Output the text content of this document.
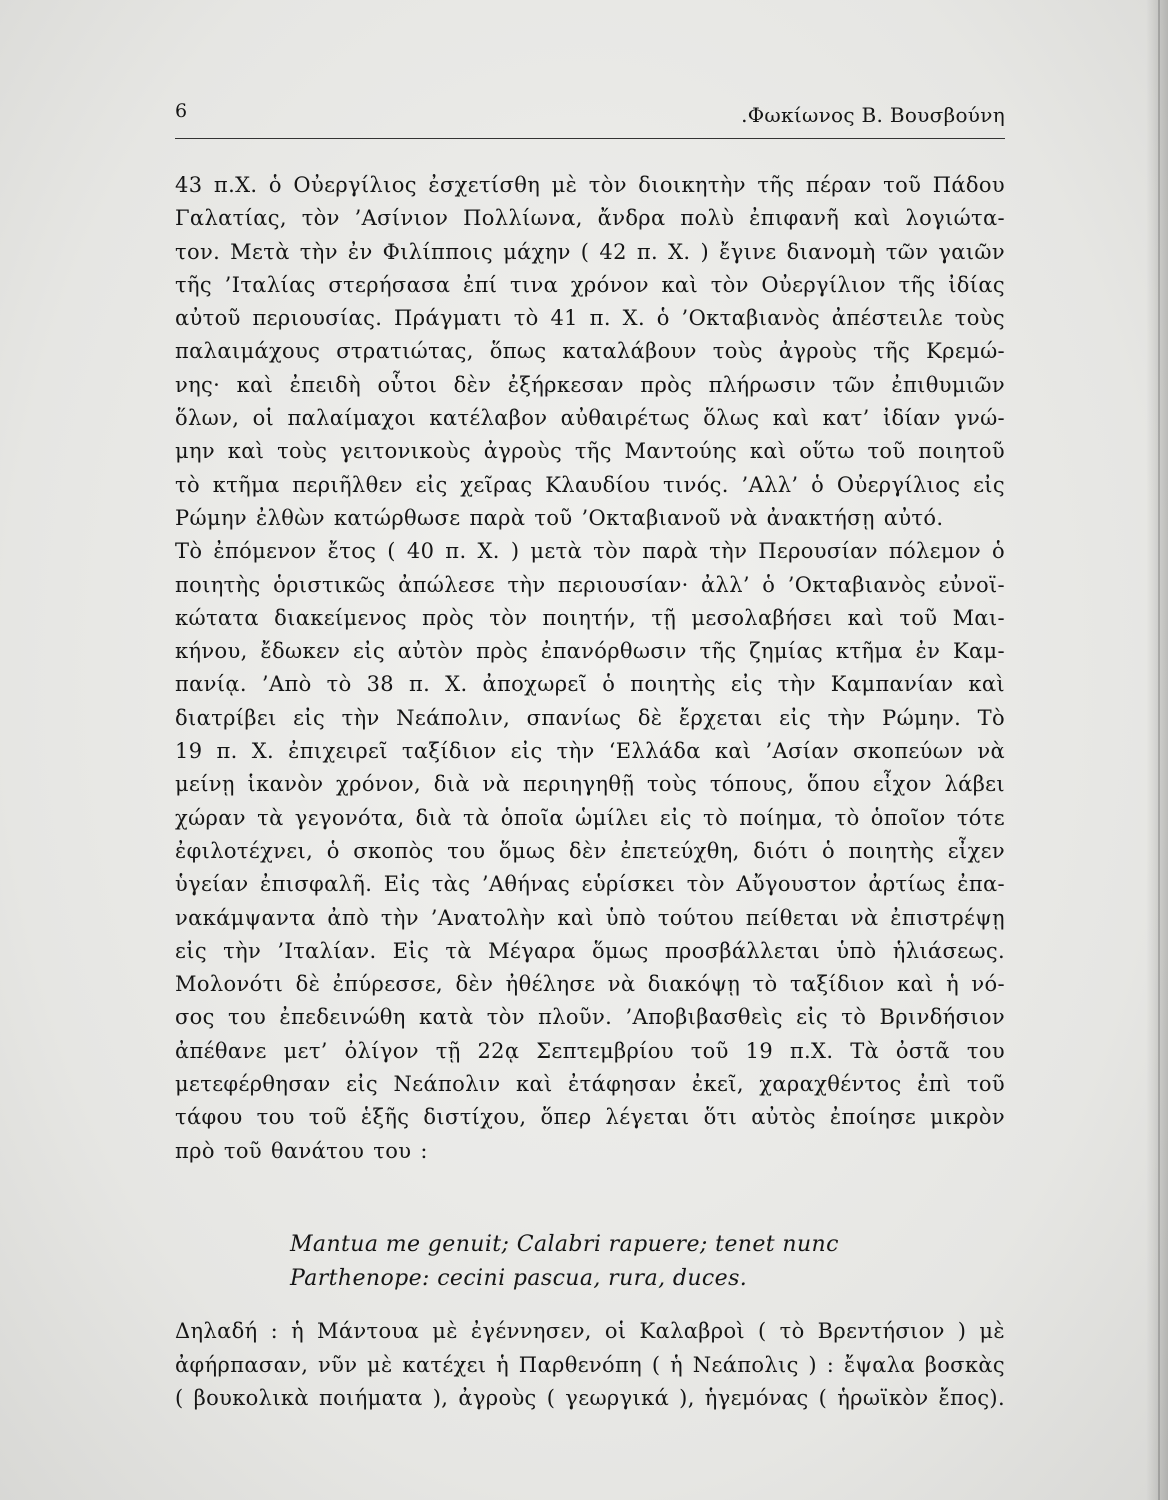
6	.Φωκίωνος Β. Βουσβούνη
43 π.Χ. ὁ Οὐεργίλιος ἐσχετίσθη μὲ τὸν διοικητὴν τῆς πέραν τοῦ Πάδου
Γαλατίας, τὸν ’Ασίνιον Πολλίωνα, ἄνδρα πολὺ ἐπιφανῆ καὶ λογιώτα-
τον. Μετὰ τὴν ἐν Φιλίπποις μάχην ( 42 π. Χ. ) ἔγινε διανομὴ τῶν γαιῶν
τῆς ’Ιταλίας στερήσασα ἐπί τινα χρόνον καὶ τὸν Οὐεργίλιον τῆς ἰδίας
αὐτοῦ περιουσίας. Πράγματι τὸ 41 π. Χ. ὁ ’Οκταβιανὸς ἀπέστειλε τοὺς
παλαιμάχους στρατιώτας, ὅπως καταλάβουν τοὺς ἀγροὺς τῆς Κρεμώ-
νης· καὶ ἐπειδὴ οὗτοι δὲν ἐξήρκεσαν πρὸς πλήρωσιν τῶν ἐπιθυμιῶν
ὅλων, οἱ παλαίμαχοι κατέλαβον αὐθαιρέτως ὅλως καὶ κατ’ ἰδίαν γνώ-
μην καὶ τοὺς γειτονικοὺς ἀγροὺς τῆς Μαντούης καὶ οὕτω τοῦ ποιητοῦ
τὸ κτῆμα περιῆλθεν εἰς χεῖρας Κλαυδίου τινός. ’Αλλ’ ὁ Οὐεργίλιος εἰς
Ρώμην ἐλθὼν κατώρθωσε παρὰ τοῦ ’Οκταβιανοῦ νὰ ἀνακτήσῃ αὐτό.
Τὸ ἐπόμενον ἔτος ( 40 π. Χ. ) μετὰ τὸν παρὰ τὴν Περουσίαν πόλεμον ὁ
ποιητὴς ὁριστικῶς ἀπώλεσε τὴν περιουσίαν· ἀλλ’ ὁ ’Οκταβιανὸς εὐνοϊ-
κώτατα διακείμενος πρὸς τὸν ποιητήν, τῇ μεσολαβήσει καὶ τοῦ Μαι-
κήνου, ἔδωκεν εἰς αὐτὸν πρὸς ἐπανόρθωσιν τῆς ζημίας κτῆμα ἐν Καμ-
πανίᾳ. ’Απὸ τὸ 38 π. Χ. ἀποχωρεῖ ὁ ποιητὴς εἰς τὴν Καμπανίαν καὶ
διατρίβει εἰς τὴν Νεάπολιν, σπανίως δὲ ἔρχεται εἰς τὴν Ρώμην. Τὸ
19 π. Χ. ἐπιχειρεῖ ταξίδιον εἰς τὴν ‘Ελλάδα καὶ ’Ασίαν σκοπεύων νὰ
μείνῃ ἱκανὸν χρόνον, διὰ νὰ περιηγηθῇ τοὺς τόπους, ὅπου εἶχον λάβει
χώραν τὰ γεγονότα, διὰ τὰ ὁποῖα ὡμίλει εἰς τὸ ποίημα, τὸ ὁποῖον τότε
ἐφιλοτέχνει, ὁ σκοπὸς του ὅμως δὲν ἐπετεύχθη, διότι ὁ ποιητὴς εἶχεν
ὑγείαν ἐπισφαλῆ. Εἰς τὰς ’Αθήνας εὑρίσκει τὸν Αὔγουστον ἀρτίως ἐπα-
νακάμψαντα ἀπὸ τὴν ’Ανατολὴν καὶ ὑπὸ τούτου πείθεται νὰ ἐπιστρέψῃ
εἰς τὴν ’Ιταλίαν. Εἰς τὰ Μέγαρα ὅμως προσβάλλεται ὑπὸ ἡλιάσεως.
Μολονότι δὲ ἐπύρεσσε, δὲν ἠθέλησε νὰ διακόψῃ τὸ ταξίδιον καὶ ἡ νό-
σος του ἐπεδεινώθη κατὰ τὸν πλοῦν. ’Αποβιβασθεὶς εἰς τὸ Βρινδήσιον
ἀπέθανε μετ’ ὀλίγον τῇ 22ᾳ Σεπτεμβρίου τοῦ 19 π.Χ. Τὰ ὀστᾶ του
μετεφέρθησαν εἰς Νεάπολιν καὶ ἐτάφησαν ἐκεῖ, χαραχθέντος ἐπὶ τοῦ
τάφου του τοῦ ἑξῆς διστίχου, ὅπερ λέγεται ὅτι αὐτὸς ἐποίησε μικρὸν
πρὸ τοῦ θανάτου του :
Mantua me genuit; Calabri rapuere; tenet nunc
Parthenope: cecini pascua, rura, duces.
Δηλαδή : ἡ Μάντουα μὲ ἐγέννησεν, οἱ Καλαβροὶ ( τὸ Βρεντήσιον ) μὲ
ἀφήρπασαν, νῦν μὲ κατέχει ἡ Παρθενόπη ( ἡ Νεάπολις ) : ἔψαλα βοσκὰς
( βουκολικὰ ποιήματα ), ἀγροὺς ( γεωργικά ), ἡγεμόνας ( ἡρωϊκὸν ἔπος).
